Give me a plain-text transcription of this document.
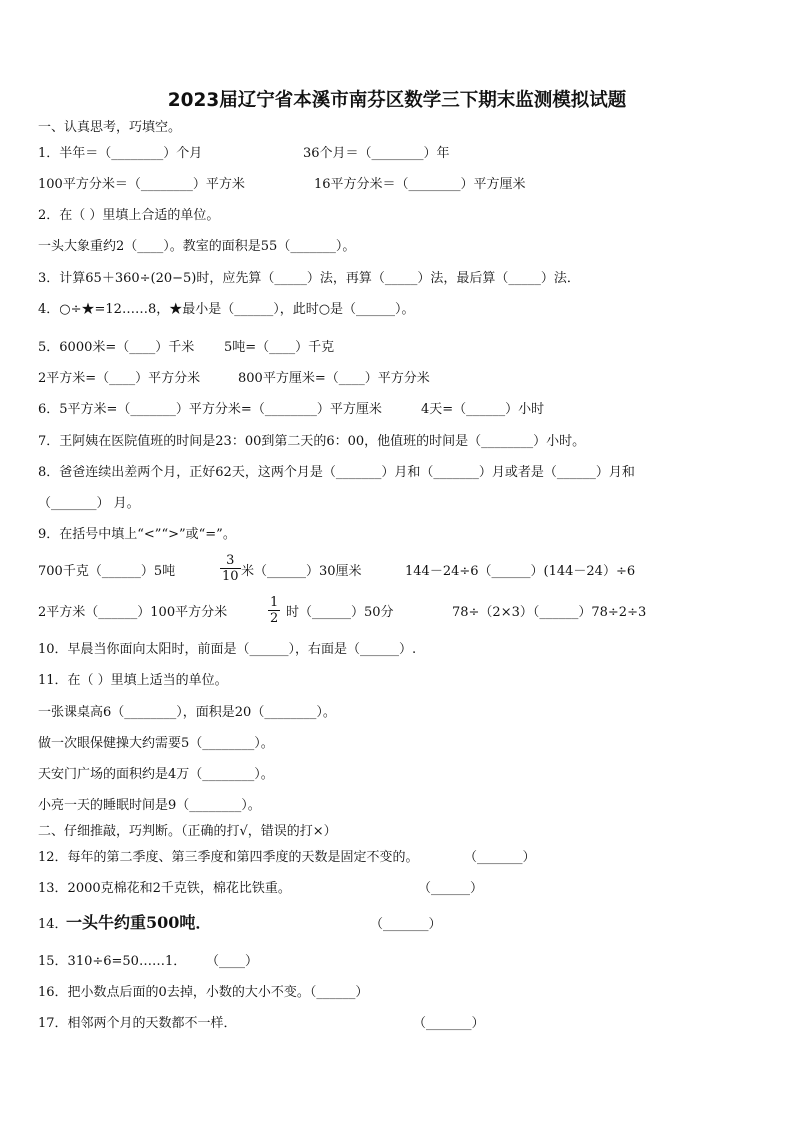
2023届辽宁省本溪市南芬区数学三下期末监测模拟试题
一、认真思考，巧填空。
1．半年＝（________）个月	36个月＝（________）年
100平方分米＝（________）平方米	16平方分米＝（________）平方厘米
2．在（ ）里填上合适的单位。
一头大象重约2（____）。教室的面积是55（_______）。
3．计算65＋360÷(20−5)时，应先算（_____）法，再算（_____）法，最后算（_____）法．
4．○÷★=12……8，★最小是（______），此时○是（______）。
5．6000米=（____）千米 5吨=（____）千克
2平方米=（____）平方分米	800平方厘米=（____）平方分米
6．5平方米=（_______）平方分米=（________）平方厘米	4天=（______）小时
7．王阿姨在医院值班的时间是23：00到第二天的6：00，他值班的时间是（________）小时。
8．爸爸连续出差两个月，正好62天，这两个月是（_______）月和（_______）月或者是（______）月和
（_______） 月。
9．在括号中填上“<”“>”或“=”。
700千克（______）5吨
3
10 米（______）30厘米	144－24÷6（______）(144－24）÷6
2平方米（______）100平方分米
1
2 时（______）50分	78÷（2×3）（______）78÷2÷3
10．早晨当你面向太阳时，前面是（______），右面是（______）.
11．在（ ）里填上适当的单位。
一张课桌高6（________），面积是20（________）。
做一次眼保健操大约需要5（________）。
天安门广场的面积约是4万（________）。
小亮一天的睡眠时间是9（________）。
二、仔细推敲，巧判断。（正确的打√，错误的打×）
12．每年的第二季度、第三季度和第四季度的天数是固定不变的。	（_______）
13．2000克棉花和2千克铁，棉花比铁重。	（______）
14．
一头牛约重500吨．	（_______）
15．310÷6=50……1． （____）
16．把小数点后面的0去掉，小数的大小不变。（______）
17．相邻两个月的天数都不一样．	（_______）
